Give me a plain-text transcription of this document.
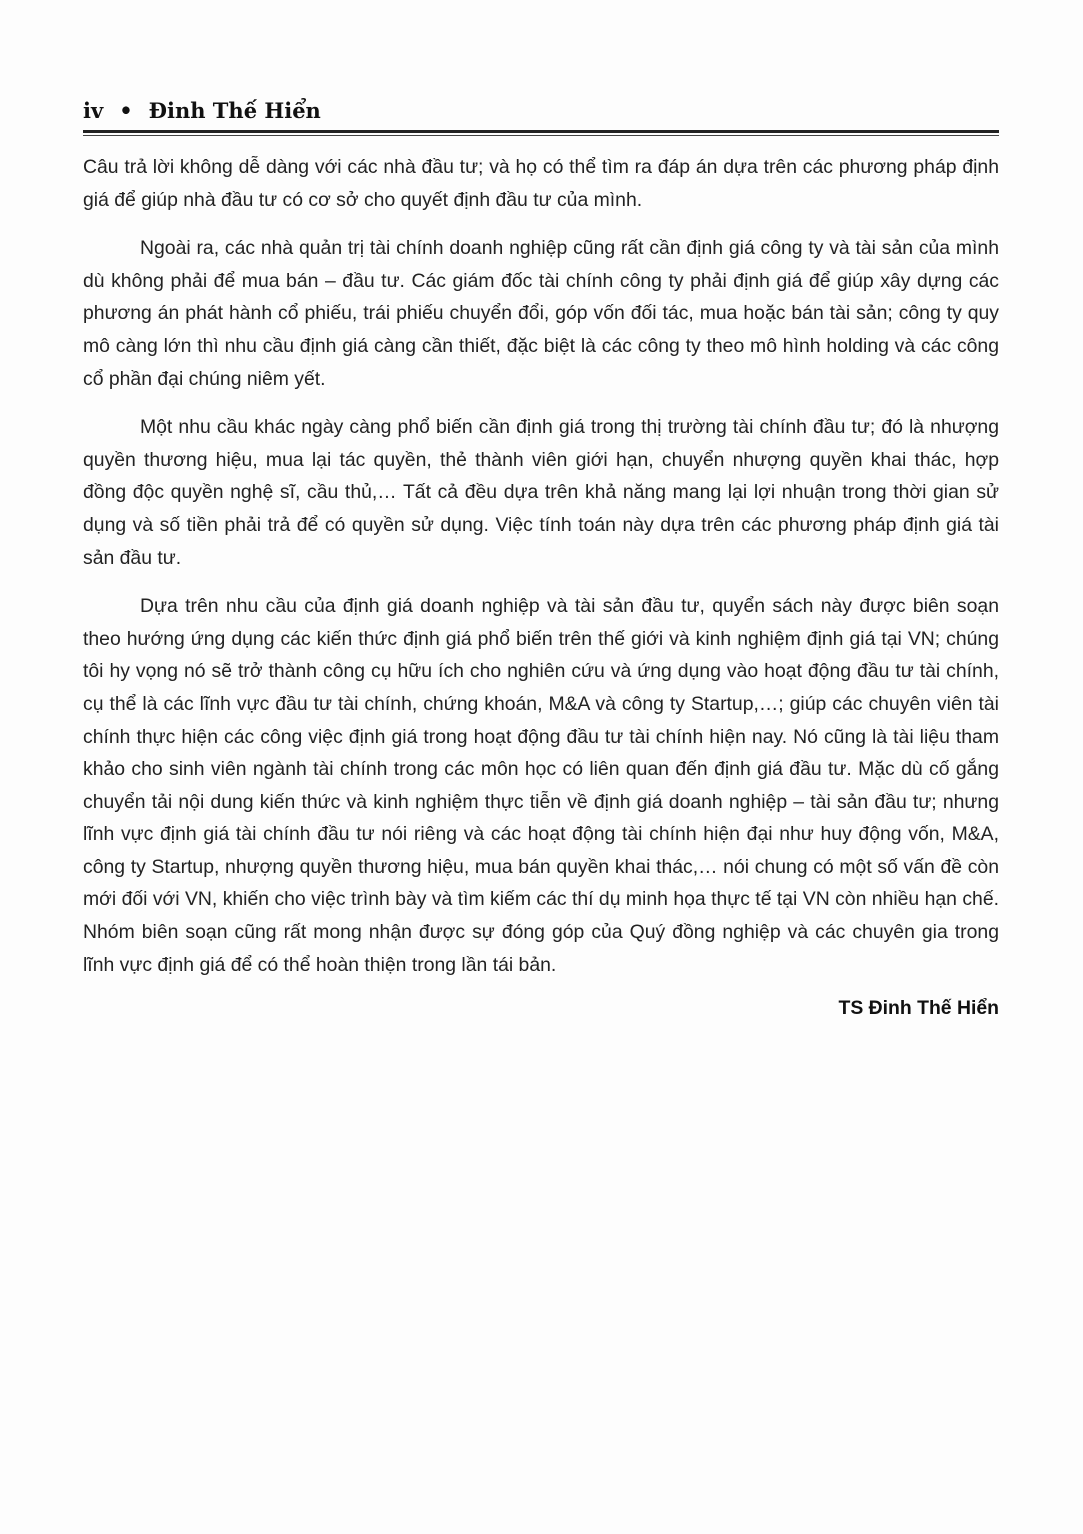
iv • Đinh Thế Hiển

Câu trả lời không dễ dàng với các nhà đầu tư; và họ có thể tìm ra đáp án dựa trên các phương pháp định giá để giúp nhà đầu tư có cơ sở cho quyết định đầu tư của mình.

Ngoài ra, các nhà quản trị tài chính doanh nghiệp cũng rất cần định giá công ty và tài sản của mình dù không phải để mua bán – đầu tư. Các giám đốc tài chính công ty phải định giá để giúp xây dựng các phương án phát hành cổ phiếu, trái phiếu chuyển đổi, góp vốn đối tác, mua hoặc bán tài sản; công ty quy mô càng lớn thì nhu cầu định giá càng cần thiết, đặc biệt là các công ty theo mô hình holding và các công cổ phần đại chúng niêm yết.

Một nhu cầu khác ngày càng phổ biến cần định giá trong thị trường tài chính đầu tư; đó là nhượng quyền thương hiệu, mua lại tác quyền, thẻ thành viên giới hạn, chuyển nhượng quyền khai thác, hợp đồng độc quyền nghệ sĩ, cầu thủ,… Tất cả đều dựa trên khả năng mang lại lợi nhuận trong thời gian sử dụng và số tiền phải trả để có quyền sử dụng. Việc tính toán này dựa trên các phương pháp định giá tài sản đầu tư.

Dựa trên nhu cầu của định giá doanh nghiệp và tài sản đầu tư, quyển sách này được biên soạn theo hướng ứng dụng các kiến thức định giá phổ biến trên thế giới và kinh nghiệm định giá tại VN; chúng tôi hy vọng nó sẽ trở thành công cụ hữu ích cho nghiên cứu và ứng dụng vào hoạt động đầu tư tài chính, cụ thể là các lĩnh vực đầu tư tài chính, chứng khoán, M&A và công ty Startup,…; giúp các chuyên viên tài chính thực hiện các công việc định giá trong hoạt động đầu tư tài chính hiện nay. Nó cũng là tài liệu tham khảo cho sinh viên ngành tài chính trong các môn học có liên quan đến định giá đầu tư. Mặc dù cố gắng chuyển tải nội dung kiến thức và kinh nghiệm thực tiễn về định giá doanh nghiệp – tài sản đầu tư; nhưng lĩnh vực định giá tài chính đầu tư nói riêng và các hoạt động tài chính hiện đại như huy động vốn, M&A, công ty Startup, nhượng quyền thương hiệu, mua bán quyền khai thác,… nói chung có một số vấn đề còn mới đối với VN, khiến cho việc trình bày và tìm kiếm các thí dụ minh họa thực tế tại VN còn nhiều hạn chế. Nhóm biên soạn cũng rất mong nhận được sự đóng góp của Quý đồng nghiệp và các chuyên gia trong lĩnh vực định giá để có thể hoàn thiện trong lần tái bản.

TS Đinh Thế Hiển
